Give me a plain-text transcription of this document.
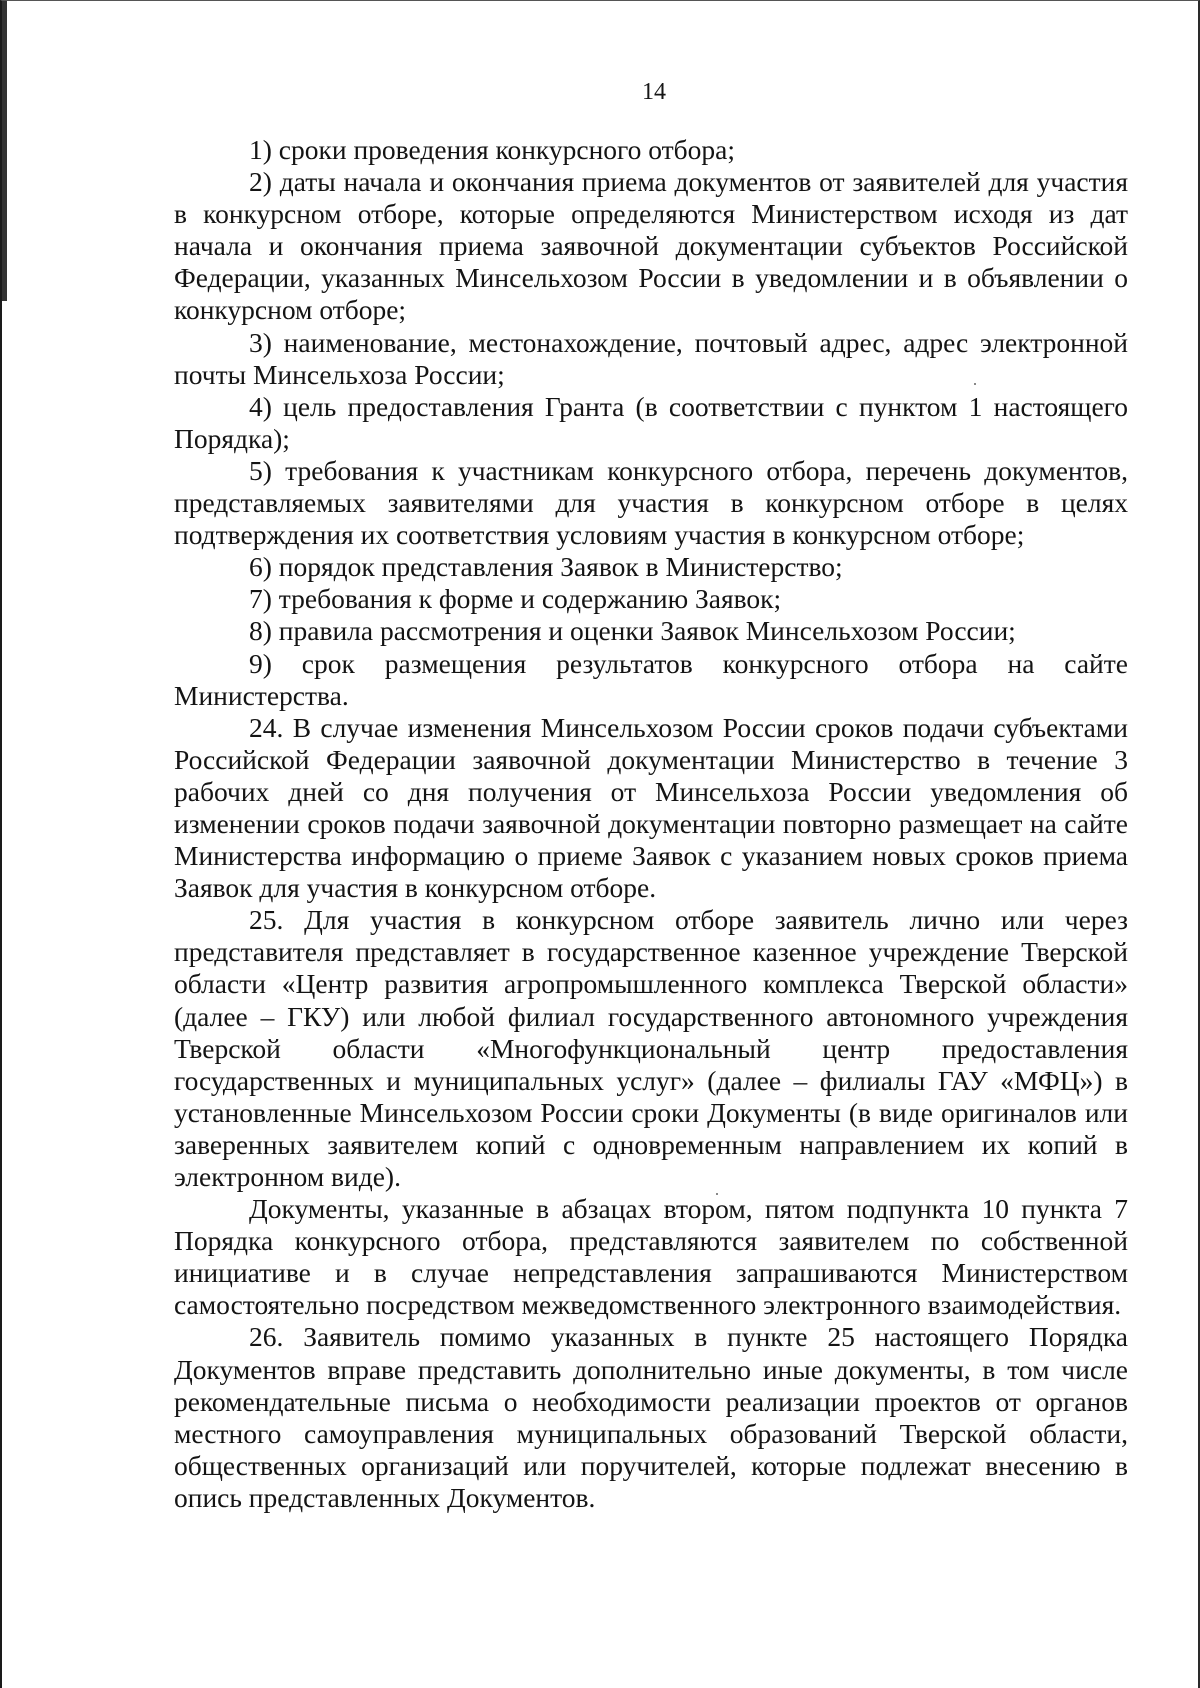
14

1) сроки проведения конкурсного отбора;

2) даты начала и окончания приема документов от заявителей для участия в конкурсном отборе, которые определяются Министерством исходя из дат начала и окончания приема заявочной документации субъектов Российской Федерации, указанных Минсельхозом России в уведомлении и в объявлении о конкурсном отборе;

3) наименование, местонахождение, почтовый адрес, адрес электронной почты Минсельхоза России;

4) цель предоставления Гранта (в соответствии с пунктом 1 настоящего Порядка);

5) требования к участникам конкурсного отбора, перечень документов, представляемых заявителями для участия в конкурсном отборе в целях подтверждения их соответствия условиям участия в конкурсном отборе;

6) порядок представления Заявок в Министерство;

7) требования к форме и содержанию Заявок;

8) правила рассмотрения и оценки Заявок Минсельхозом России;

9) срок размещения результатов конкурсного отбора на сайте Министерства.

24. В случае изменения Минсельхозом России сроков подачи субъектами Российской Федерации заявочной документации Министерство в течение 3 рабочих дней со дня получения от Минсельхоза России уведомления об изменении сроков подачи заявочной документации повторно размещает на сайте Министерства информацию о приеме Заявок с указанием новых сроков приема Заявок для участия в конкурсном отборе.

25. Для участия в конкурсном отборе заявитель лично или через представителя представляет в государственное казенное учреждение Тверской области «Центр развития агропромышленного комплекса Тверской области» (далее – ГКУ) или любой филиал государственного автономного учреждения Тверской области «Многофункциональный центр предоставления государственных и муниципальных услуг» (далее – филиалы ГАУ «МФЦ») в установленные Минсельхозом России сроки Документы (в виде оригиналов или заверенных заявителем копий с одновременным направлением их копий в электронном виде).

Документы, указанные в абзацах втором, пятом подпункта 10 пункта 7 Порядка конкурсного отбора, представляются заявителем по собственной инициативе и в случае непредставления запрашиваются Министерством самостоятельно посредством межведомственного электронного взаимодействия.

26. Заявитель помимо указанных в пункте 25 настоящего Порядка Документов вправе представить дополнительно иные документы, в том числе рекомендательные письма о необходимости реализации проектов от органов местного самоуправления муниципальных образований Тверской области, общественных организаций или поручителей, которые подлежат внесению в опись представленных Документов.
